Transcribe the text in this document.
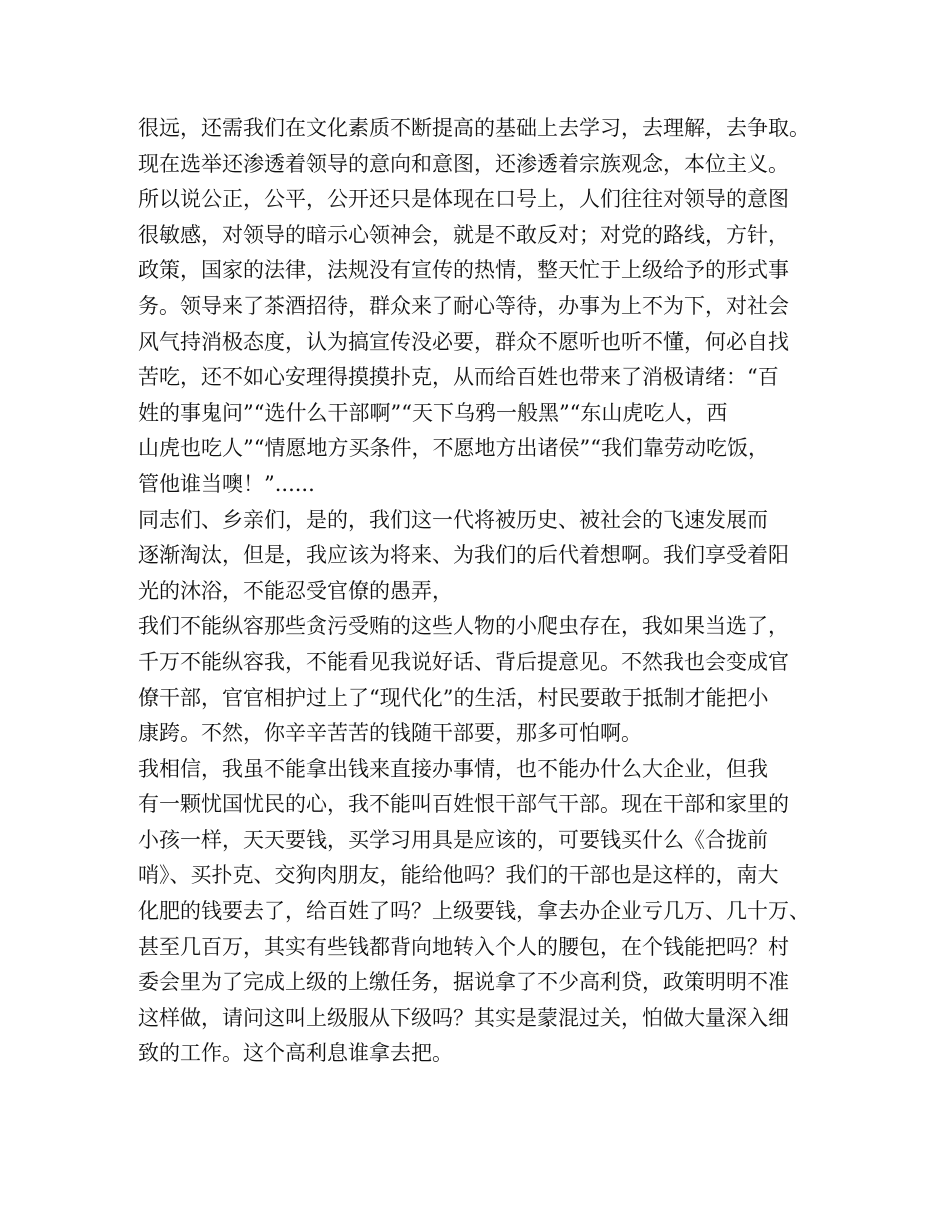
很远，还需我们在文化素质不断提高的基础上去学习，去理解，去争取。
现在选举还渗透着领导的意向和意图，还渗透着宗族观念，本位主义。
所以说公正，公平，公开还只是体现在口号上，人们往往对领导的意图
很敏感，对领导的暗示心领神会，就是不敢反对；对党的路线，方针，
政策，国家的法律，法规没有宣传的热情，整天忙于上级给予的形式事
务。领导来了茶酒招待，群众来了耐心等待，办事为上不为下，对社会
风气持消极态度，认为搞宣传没必要，群众不愿听也听不懂，何必自找
苦吃，还不如心安理得摸摸扑克，从而给百姓也带来了消极请绪：“百
姓的事鬼问”“选什么干部啊”“天下乌鸦一般黑”“东山虎吃人，西
山虎也吃人”“情愿地方买条件，不愿地方出诸侯”“我们靠劳动吃饭，
管他谁当噢！”......
同志们、乡亲们，是的，我们这一代将被历史、被社会的飞速发展而
逐渐淘汰，但是，我应该为将来、为我们的后代着想啊。我们享受着阳
光的沐浴，不能忍受官僚的愚弄，
我们不能纵容那些贪污受贿的这些人物的小爬虫存在，我如果当选了，
千万不能纵容我，不能看见我说好话、背后提意见。不然我也会变成官
僚干部，官官相护过上了“现代化”的生活，村民要敢于抵制才能把小
康跨。不然，你辛辛苦苦的钱随干部要，那多可怕啊。
我相信，我虽不能拿出钱来直接办事情，也不能办什么大企业，但我
有一颗忧国忧民的心，我不能叫百姓恨干部气干部。现在干部和家里的
小孩一样，天天要钱，买学习用具是应该的，可要钱买什么《合拢前
哨》、买扑克、交狗肉朋友，能给他吗？我们的干部也是这样的，南大
化肥的钱要去了，给百姓了吗？上级要钱，拿去办企业亏几万、几十万、
甚至几百万，其实有些钱都背向地转入个人的腰包，在个钱能把吗？村
委会里为了完成上级的上缴任务，据说拿了不少高利贷，政策明明不准
这样做，请问这叫上级服从下级吗？其实是蒙混过关，怕做大量深入细
致的工作。这个高利息谁拿去把。
